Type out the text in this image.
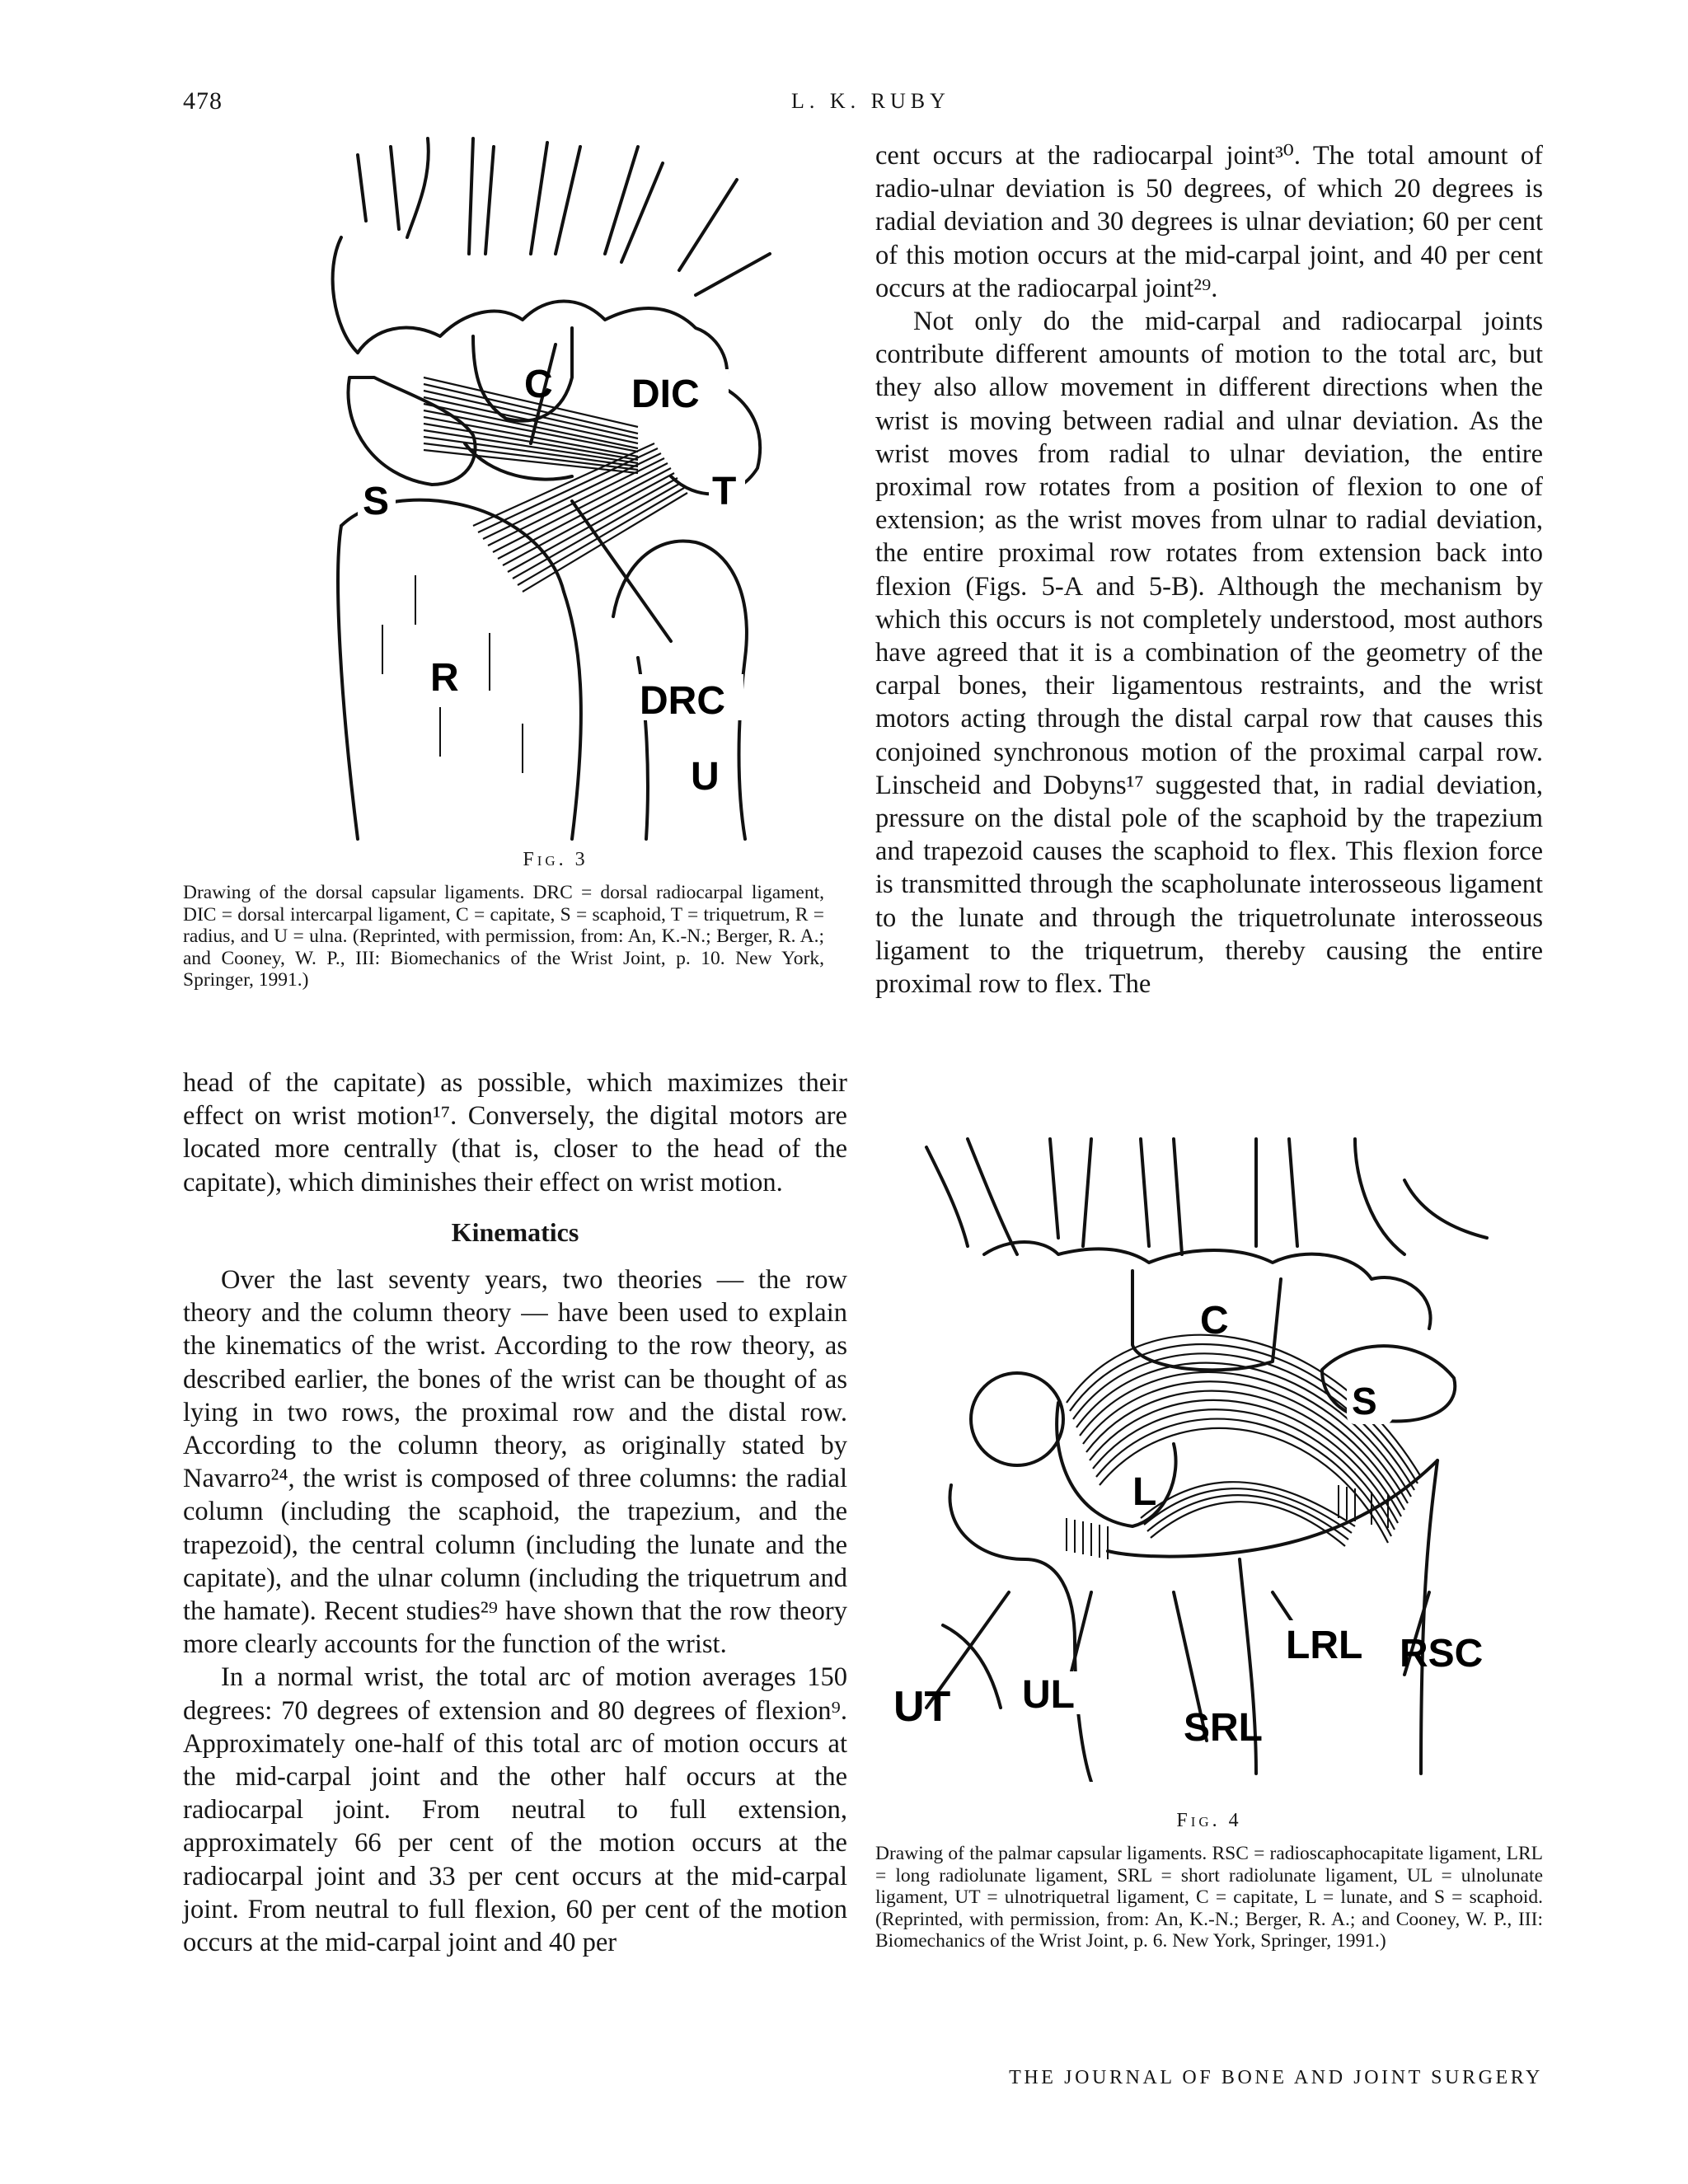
478	L. K. RUBY
C DIC
S	T
R
DRC
U
Fig. 3
Drawing of the dorsal capsular ligaments. DRC = dorsal radiocarpal ligament, DIC = dorsal intercarpal ligament, C = capitate, S = scaphoid, T = triquetrum, R = radius, and U = ulna. (Reprinted, with permission, from: An, K.-N.; Berger, R. A.; and Cooney, W. P., III: Biomechanics of the Wrist Joint, p. 10. New York, Springer, 1991.)

cent occurs at the radiocarpal joint³⁰. The total amount of radio-ulnar deviation is 50 degrees, of which 20 degrees is radial deviation and 30 degrees is ulnar deviation; 60 per cent of this motion occurs at the mid-carpal joint, and 40 per cent occurs at the radiocarpal joint²⁹.

Not only do the mid-carpal and radiocarpal joints contribute different amounts of motion to the total arc, but they also allow movement in different directions when the wrist is moving between radial and ulnar deviation. As the wrist moves from radial to ulnar deviation, the entire proximal row rotates from a position of flexion to one of extension; as the wrist moves from ulnar to radial deviation, the entire proximal row rotates from extension back into flexion (Figs. 5-A and 5-B). Although the mechanism by which this occurs is not completely understood, most authors have agreed that it is a combination of the geometry of the carpal bones, their ligamentous restraints, and the wrist motors acting through the distal carpal row that causes this conjoined synchronous motion of the proximal carpal row. Linscheid and Dobyns¹⁷ suggested that, in radial deviation, pressure on the distal pole of the scaphoid by the trapezium and trapezoid causes the scaphoid to flex. This flexion force is transmitted through the scapholunate interosseous ligament to the lunate and through the triquetrolunate interosseous ligament to the triquetrum, thereby causing the entire proximal row to flex. The

head of the capitate) as possible, which maximizes their effect on wrist motion¹⁷. Conversely, the digital motors are located more centrally (that is, closer to the head of the capitate), which diminishes their effect on wrist motion.

Kinematics

Over the last seventy years, two theories — the row theory and the column theory — have been used to explain the kinematics of the wrist. According to the row theory, as described earlier, the bones of the wrist can be thought of as lying in two rows, the proximal row and the distal row. According to the column theory, as originally stated by Navarro²⁴, the wrist is composed of three columns: the radial column (including the scaphoid, the trapezium, and the trapezoid), the central column (including the lunate and the capitate), and the ulnar column (including the triquetrum and the hamate). Recent studies²⁹ have shown that the row theory more clearly accounts for the function of the wrist.

In a normal wrist, the total arc of motion averages 150 degrees: 70 degrees of extension and 80 degrees of flexion⁹. Approximately one-half of this total arc of motion occurs at the mid-carpal joint and the other half occurs at the radiocarpal joint. From neutral to full extension, approximately 66 per cent of the motion occurs at the radiocarpal joint and 33 per cent occurs at the mid-carpal joint. From neutral to full flexion, 60 per cent of the motion occurs at the mid-carpal joint and 40 per

C
S
L
LRL RSC
UT UL
SRL
Fig. 4
Drawing of the palmar capsular ligaments. RSC = radioscaphocapitate ligament, LRL = long radiolunate ligament, SRL = short radiolunate ligament, UL = ulnolunate ligament, UT = ulnotriquetral ligament, C = capitate, L = lunate, and S = scaphoid. (Reprinted, with permission, from: An, K.-N.; Berger, R. A.; and Cooney, W. P., III: Biomechanics of the Wrist Joint, p. 6. New York, Springer, 1991.)
THE JOURNAL OF BONE AND JOINT SURGERY
